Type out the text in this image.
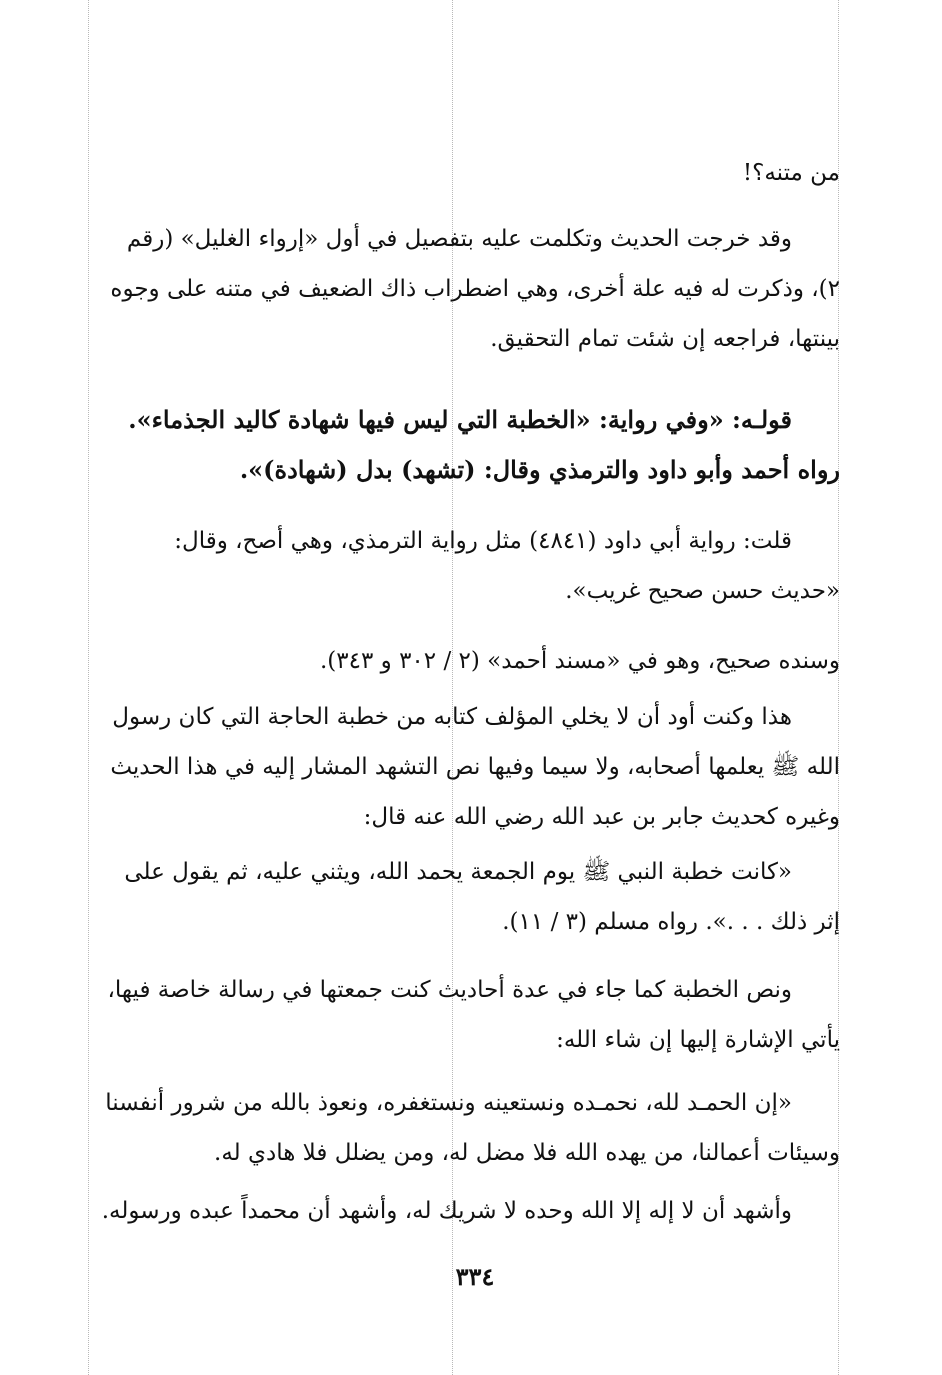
من متنه؟!
وقد خرجت الحديث وتكلمت عليه بتفصيل في أول «إرواء الغليل» (رقم
٢)، وذكرت له فيه علة أخرى، وهي اضطراب ذاك الضعيف في متنه على وجوه
بينتها، فراجعه إن شئت تمام التحقيق.
قولـه: «وفي رواية: «الخطبة التي ليس فيها شهادة كاليد الجذماء».
رواه أحمد وأبو داود والترمذي وقال: (تشهد) بدل (شهادة)».
قلت: رواية أبي داود (٤٨٤١) مثل رواية الترمذي، وهي أصح، وقال:
«حديث حسن صحيح غريب».
وسنده صحيح، وهو في «مسند أحمد» (٢ / ٣٠٢ و ٣٤٣).
هذا وكنت أود أن لا يخلي المؤلف كتابه من خطبة الحاجة التي كان رسول
الله ﷺ يعلمها أصحابه، ولا سيما وفيها نص التشهد المشار إليه في هذا الحديث
وغيره كحديث جابر بن عبد الله رضي الله عنه قال:
«كانت خطبة النبي ﷺ يوم الجمعة يحمد الله، ويثني عليه، ثم يقول على
إثر ذلك . . .». رواه مسلم (٣ / ١١).
ونص الخطبة كما جاء في عدة أحاديث كنت جمعتها في رسالة خاصة فيها،
يأتي الإشارة إليها إن شاء الله:
«إن الحمـد لله، نحمـده ونستعينه ونستغفره، ونعوذ بالله من شرور أنفسنا
وسيئات أعمالنا، من يهده الله فلا مضل له، ومن يضلل فلا هادي له.
وأشهد أن لا إله إلا الله وحده لا شريك له، وأشهد أن محمداً عبده ورسوله.
٣٣٤
